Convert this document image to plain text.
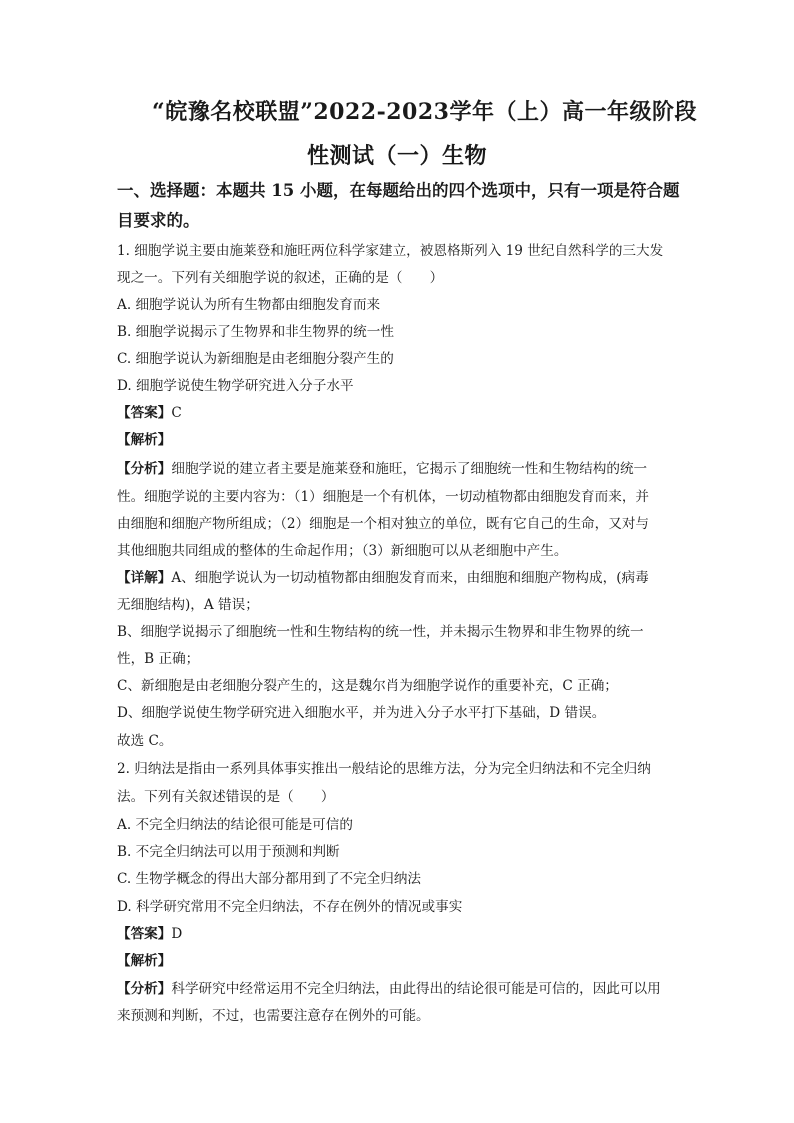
“皖豫名校联盟”2022-2023学年（上）高一年级阶段
性测试（一）生物
一、选择题：本题共 15 小题，在每题给出的四个选项中，只有一项是符合题
目要求的。
1. 细胞学说主要由施莱登和施旺两位科学家建立，被恩格斯列入 19 世纪自然科学的三大发
现之一。下列有关细胞学说的叙述，正确的是（　　）
A. 细胞学说认为所有生物都由细胞发育而来
B. 细胞学说揭示了生物界和非生物界的统一性
C. 细胞学说认为新细胞是由老细胞分裂产生的
D. 细胞学说使生物学研究进入分子水平
【答案】C
【解析】
【分析】细胞学说的建立者主要是施莱登和施旺，它揭示了细胞统一性和生物结构的统一
性。细胞学说的主要内容为：（1）细胞是一个有机体，一切动植物都由细胞发育而来，并
由细胞和细胞产物所组成；（2）细胞是一个相对独立的单位，既有它自己的生命，又对与
其他细胞共同组成的整体的生命起作用；（3）新细胞可以从老细胞中产生。
【详解】A、细胞学说认为一切动植物都由细胞发育而来，由细胞和细胞产物构成，(病毒
无细胞结构)，A 错误；
B、细胞学说揭示了细胞统一性和生物结构的统一性，并未揭示生物界和非生物界的统一
性，B 正确；
C、新细胞是由老细胞分裂产生的，这是魏尔肖为细胞学说作的重要补充，C 正确；
D、细胞学说使生物学研究进入细胞水平，并为进入分子水平打下基础，D 错误。
故选 C。
2. 归纳法是指由一系列具体事实推出一般结论的思维方法，分为完全归纳法和不完全归纳
法。下列有关叙述错误的是（　　）
A. 不完全归纳法的结论很可能是可信的
B. 不完全归纳法可以用于预测和判断
C. 生物学概念的得出大部分都用到了不完全归纳法
D. 科学研究常用不完全归纳法，不存在例外的情况或事实
【答案】D
【解析】
【分析】科学研究中经常运用不完全归纳法，由此得出的结论很可能是可信的，因此可以用
来预测和判断，不过，也需要注意存在例外的可能。
